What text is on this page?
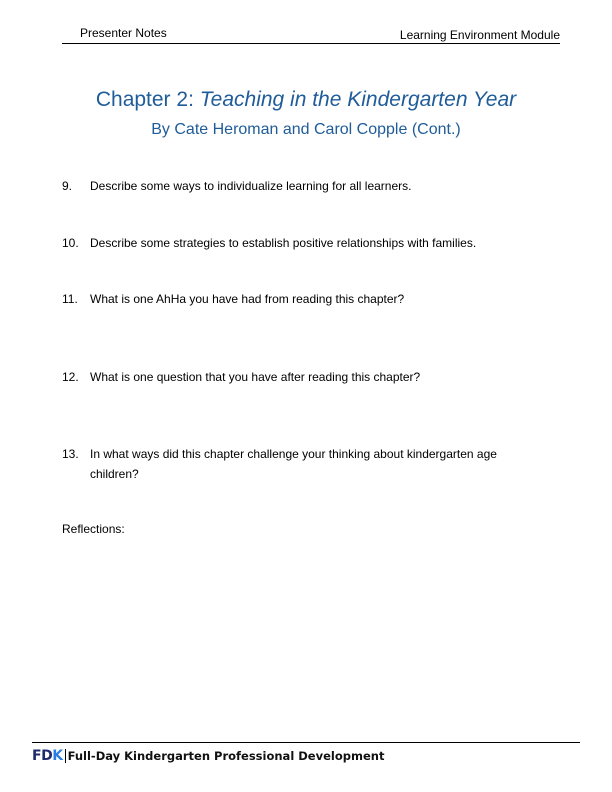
Presenter Notes	Learning Environment Module
Chapter 2: Teaching in the Kindergarten Year
By Cate Heroman and Carol Copple (Cont.)
9. Describe some ways to individualize learning for all learners.
10. Describe some strategies to establish positive relationships with families.
11. What is one AhHa you have had from reading this chapter?
12. What is one question that you have after reading this chapter?
13. In what ways did this chapter challenge your thinking about kindergarten age children?
Reflections:
FDK Full-Day Kindergarten Professional Development
